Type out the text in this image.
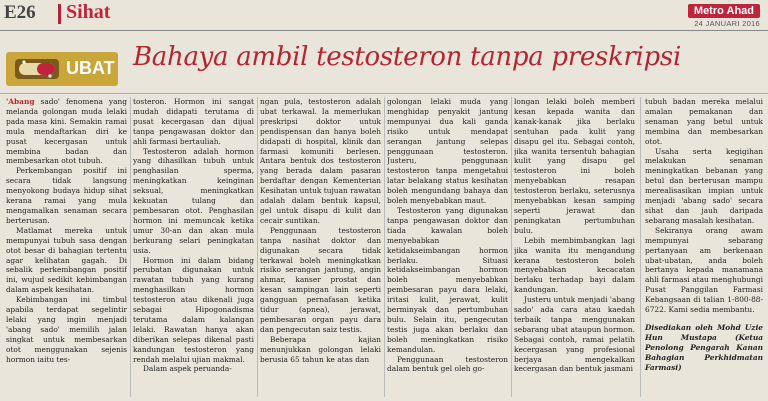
E26 Sihat	Metro Ahad
24 JANUARI 2016
UBAT Bahaya ambil testosteron tanpa preskripsi

'Abang sado' fenomena yang melanda golongan muda lelaki pada masa kini. Semakin ramai mula mendaftarkan diri ke pusat kecergasan untuk membina badan dan membesarkan otot tubuh.

Perkembangan positif ini secara tidak langsung menyokong budaya hidup sihat kerana ramai yang mula mengamalkan senaman secara berterusan.

Matlamat mereka untuk mempunyai tubuh sasa dengan otot besar di bahagian tertentu agar kelihatan gagah. Di sebalik perkembangan positif ini, wujud sedikit kebimbangan dalam aspek kesihatan.

Kebimbangan ini timbul apabila terdapat segelintir lelaki yang ingin menjadi 'abang sado' memilih jalan singkat untuk membesarkan otot menggunakan sejenis hormon iaitu tes-

tosteron. Hormon ini sangat mudah didapati terutama di pusat kecergasan dan dijual tanpa pengawasan doktor dan ahli farmasi bertauliah.

Testosteron adalah hormon yang dihasilkan tubuh untuk penghasilan sperma, meningkatkan keinginan seksual, meningkatkan kekuatan tulang dan pembesaran otot. Penghasilan hormon ini memuncak ketika umur 30-an dan akan mula berkurang selari peningkatan usia.

Hormon ini dalam bidang perubatan digunakan untuk rawatan tubuh yang kurang menghasilkan hormon testosteron atau dikenali juga sebagai Hipogonadisma terutama dalam kalangan lelaki. Rawatan hanya akan diberikan selepas dikenal pasti kandungan testosteron yang rendah melalui ujian makmal.

Dalam aspek peruanda-

ngan pula, testosteron adalah ubat terkawal. Ia memerlukan preskripsi doktor untuk pendispensan dan hanya boleh didapati di hospital, klinik dan farmasi komuniti berlesen. Antara bentuk dos testosteron yang berada dalam pasaran berdaftar dengan Kementerian Kesihatan untuk tujuan rawatan adalah dalam bentuk kapsul, gel untuk disapu di kulit dan cecair suntikan.

Penggunaan testosteron tanpa nasihat doktor dan digunakan secara tidak terkawal boleh meningkatkan risiko serangan jantung, angin ahmar, kanser prostat dan kesan sampingan lain seperti gangguan pernafasan ketika tidur (apnea), jerawat, pembesaran organ payu dara dan pengecutan saiz testis.

Beberapa kajian menunjukkan golongan lelaki berusia 65 tahun ke atas dan

golongan lelaki muda yang menghidap penyakit jantung mempunyai dua kali ganda risiko untuk mendapat serangan jantung selepas penggunaan testosteron. Justeru, penggunaan testosteron tanpa mengetahui latar belakang status kesihatan boleh mengundang bahaya dan boleh menyebabkan maut.

Testosteron yang digunakan tanpa pengawasan doktor dan tiada kawalan boleh menyebabkan ketidakseimbangan hormon berlaku. Situasi ketidakseimbangan hormon boleh menyebabkan pembesaran payu dara lelaki, iritasi kulit, jerawat, kulit berminyak dan pertumbuhan bulu. Selain itu, pengecutan testis juga akan berlaku dan boleh meningkatkan risiko kemandulan.

Penggunaan testosteron dalam bentuk gel oleh go-

longan lelaki boleh memberi kesan kepada wanita dan kanak-kanak jika berlaku sentuhan pada kulit yang disapu gel itu. Sebagai contoh, jika wanita tersentuh bahagian kulit yang disapu gel testosteron ini boleh menyebabkan resapan testosteron berlaku, seterusnya menyebabkan kesan samping seperti jerawat dan peningkatan pertumbuhan bulu.

Lebih membimbangkan lagi jika wanita itu mengandung kerana testosteron boleh menyebabkan kecacatan berlaku terhadap bayi dalam kandungan.

Justeru untuk menjadi 'abang sado' ada cara atau kaedah terbaik tanpa menggunakan sebarang ubat ataupun hormon. Sebagai contoh, ramai pelatih kecergasan yang profesional berjaya mengekalkan kecergasan dan bentuk jasmani

tubuh badan mereka melalui amalan pemakanan dan senaman yang betul untuk membina dan membesarkan otot.

Usaha serta kegigihan melakukan senaman meningkatkan bebanan yang betul dan berterusan mampu merealisasikan impian untuk menjadi 'abang sado' secara sihat dan jauh daripada sebarang masalah kesihatan.

Sekiranya orang awam mempunyai sebarang pertanyaan am berkenaan ubat-ubatan, anda boleh bertanya kepada manamana ahli farmasi atau menghubungi Pusat Panggilan Farmasi Kebangsaan di talian 1-800-88-6722. Kami sedia membantu.

Disediakan oleh Mohd Uzie Hun Mustapa (Ketua Penolong Pengarah Kanan Bahagian Perkhidmatan Farmasi)
